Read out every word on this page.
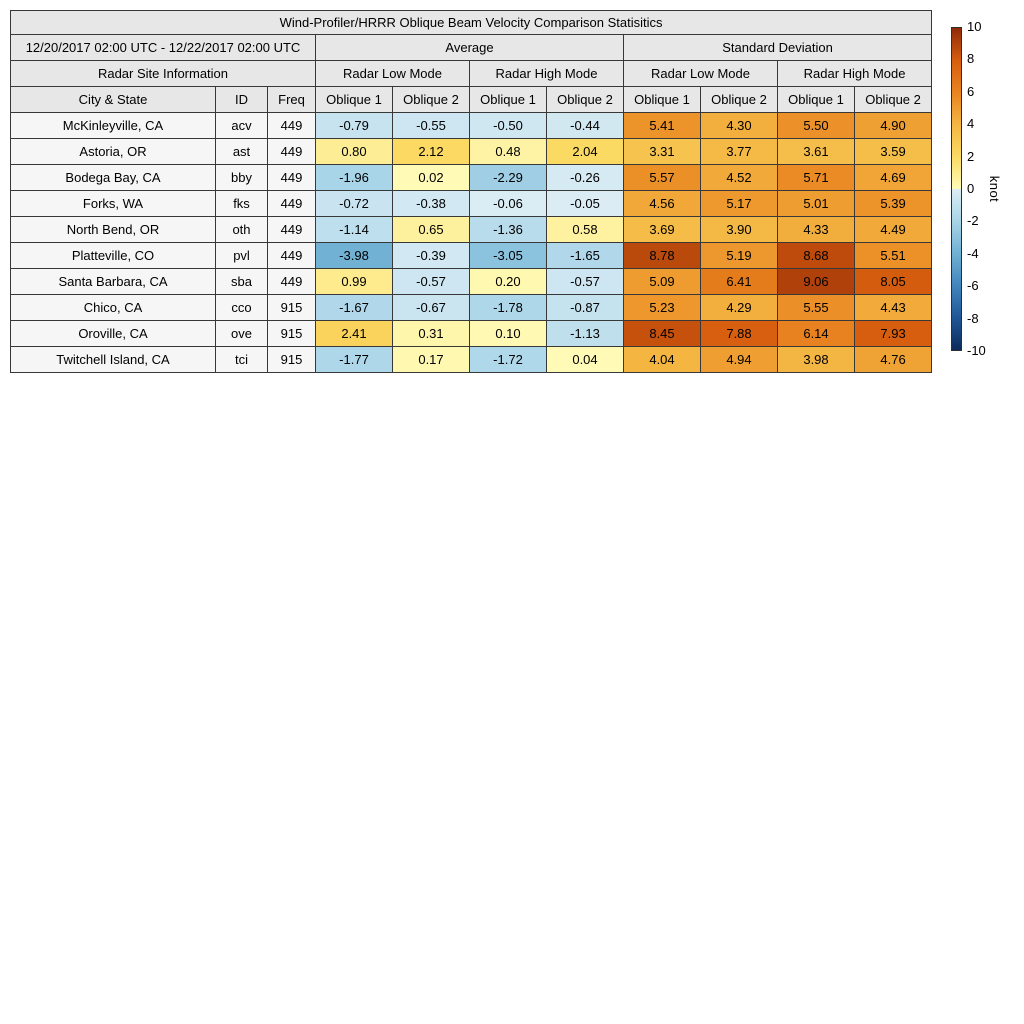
Wind-Profiler/HRRR Oblique Beam Velocity Comparison Statisitics										
12/20/2017 02:00 UTC - 12/22/2017 02:00 UTC			Average				Standard Deviation			
Radar Site Information			Radar Low Mode		Radar High Mode		Radar Low Mode		Radar High Mode	
City & State	ID	Freq	Oblique 1	Oblique 2	Oblique 1	Oblique 2	Oblique 1	Oblique 2	Oblique 1	Oblique 2
McKinleyville, CA	acv	449	-0.79	-0.55	-0.50	-0.44	5.41	4.30	5.50	4.90
Astoria, OR	ast	449	0.80	2.12	0.48	2.04	3.31	3.77	3.61	3.59
Bodega Bay, CA	bby	449	-1.96	0.02	-2.29	-0.26	5.57	4.52	5.71	4.69
Forks, WA	fks	449	-0.72	-0.38	-0.06	-0.05	4.56	5.17	5.01	5.39
North Bend, OR	oth	449	-1.14	0.65	-1.36	0.58	3.69	3.90	4.33	4.49
Platteville, CO	pvl	449	-3.98	-0.39	-3.05	-1.65	8.78	5.19	8.68	5.51
Santa Barbara, CA	sba	449	0.99	-0.57	0.20	-0.57	5.09	6.41	9.06	8.05
Chico, CA	cco	915	-1.67	-0.67	-1.78	-0.87	5.23	4.29	5.55	4.43
Oroville, CA	ove	915	2.41	0.31	0.10	-1.13	8.45	7.88	6.14	7.93
Twitchell Island, CA	tci	915	-1.77	0.17	-1.72	0.04	4.04	4.94	3.98	4.76
10
8
6
4
2
0
-2
-4
-6
-8
-10
knot
